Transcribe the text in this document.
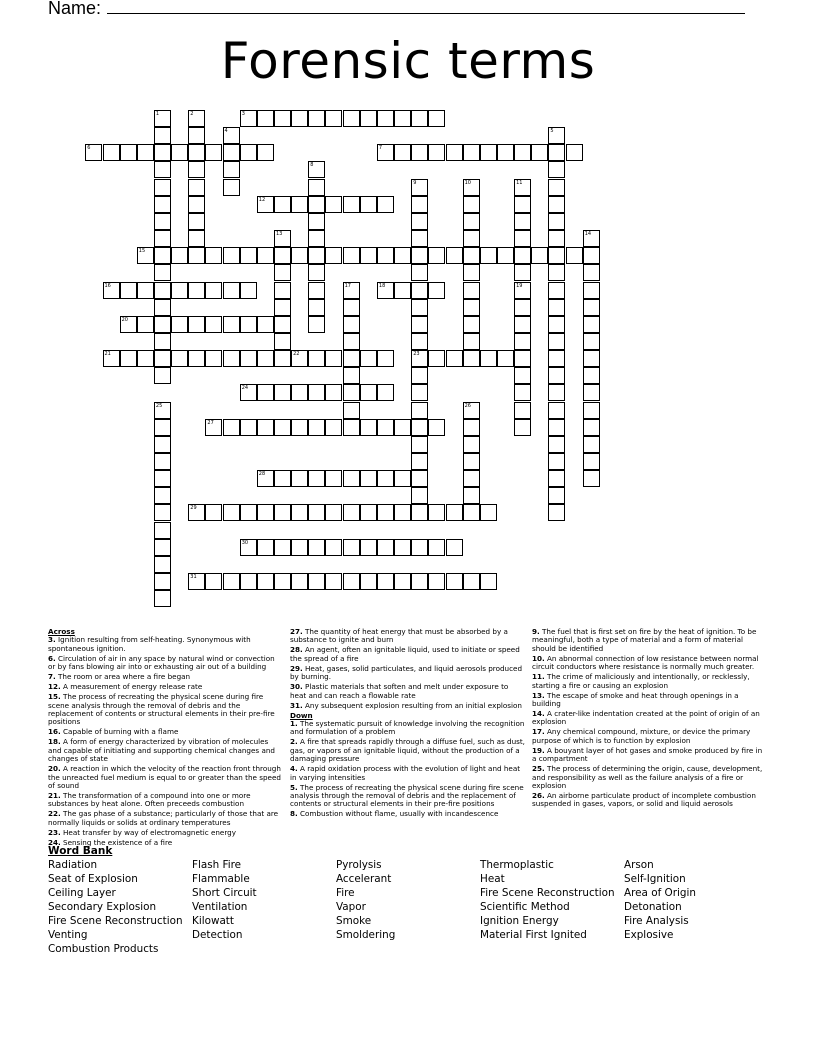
Name:
Forensic terms
3
6	7
12
15
16	18
20
21	22	23
24
27
28
29
30
31
1	2
4	5
8
9	10	11
13	14
17	19
25	26
Across
3. Ignition resulting from self-heating. Synonymous with spontaneous ignition.
6. Circulation of air in any space by natural wind or convection or by fans blowing air into or exhausting air out of a building
7. The room or area where a fire began
12. A measurement of energy release rate
15. The process of recreating the physical scene during fire scene analysis through the removal of debris and the replacement of contents or structural elements in their pre-fire positions
16. Capable of burning with a flame
18. A form of energy characterized by vibration of molecules and capable of initiating and supporting chemical changes and changes of state
20. A reaction in which the velocity of the reaction front through the unreacted fuel medium is equal to or greater than the speed of sound
21. The transformation of a compound into one or more substances by heat alone. Often preceeds combustion
22. The gas phase of a substance; particularly of those that are normally liquids or solids at ordinary temperatures
23. Heat transfer by way of electromagnetic energy
24. Sensing the existence of a fire
27. The quantity of heat energy that must be absorbed by a substance to ignite and burn
28. An agent, often an ignitable liquid, used to initiate or speed the spread of a fire
29. Heat, gases, solid particulates, and liquid aerosols produced by burning.
30. Plastic materials that soften and melt under exposure to heat and can reach a flowable rate
31. Any subsequent explosion resulting from an initial explosion
Down
1. The systematic pursuit of knowledge involving the recognition and formulation of a problem
2. A fire that spreads rapidly through a diffuse fuel, such as dust, gas, or vapors of an ignitable liquid, without the production of a damaging pressure
4. A rapid oxidation process with the evolution of light and heat in varying intensities
5. The process of recreating the physical scene during fire scene analysis through the removal of debris and the replacement of contents or structural elements in their pre-fire positions
8. Combustion without flame, usually with incandescence
9. The fuel that is first set on fire by the heat of ignition. To be meaningful, both a type of material and a form of material should be identified
10. An abnormal connection of low resistance between normal circuit conductors where resistance is normally much greater.
11. The crime of maliciously and intentionally, or recklessly, starting a fire or causing an explosion
13. The escape of smoke and heat through openings in a building
14. A crater-like indentation created at the point of origin of an explosion
17. Any chemical compound, mixture, or device the primary purpose of which is to function by explosion
19. A bouyant layer of hot gases and smoke produced by fire in a compartment
25. The process of determining the origin, cause, development, and responsibility as well as the failure analysis of a fire or explosion
26. An airborne particulate product of incomplete combustion suspended in gases, vapors, or solid and liquid aerosols
Word Bank
Radiation
Seat of Explosion
Ceiling Layer
Secondary Explosion
Fire Scene Reconstruction
Venting
Combustion Products
Flash Fire
Flammable
Short Circuit
Ventilation
Kilowatt
Detection
Pyrolysis
Accelerant
Fire
Vapor
Smoke
Smoldering
Thermoplastic
Heat
Fire Scene Reconstruction
Scientific Method
Ignition Energy
Material First Ignited
Arson
Self-Ignition
Area of Origin
Detonation
Fire Analysis
Explosive
